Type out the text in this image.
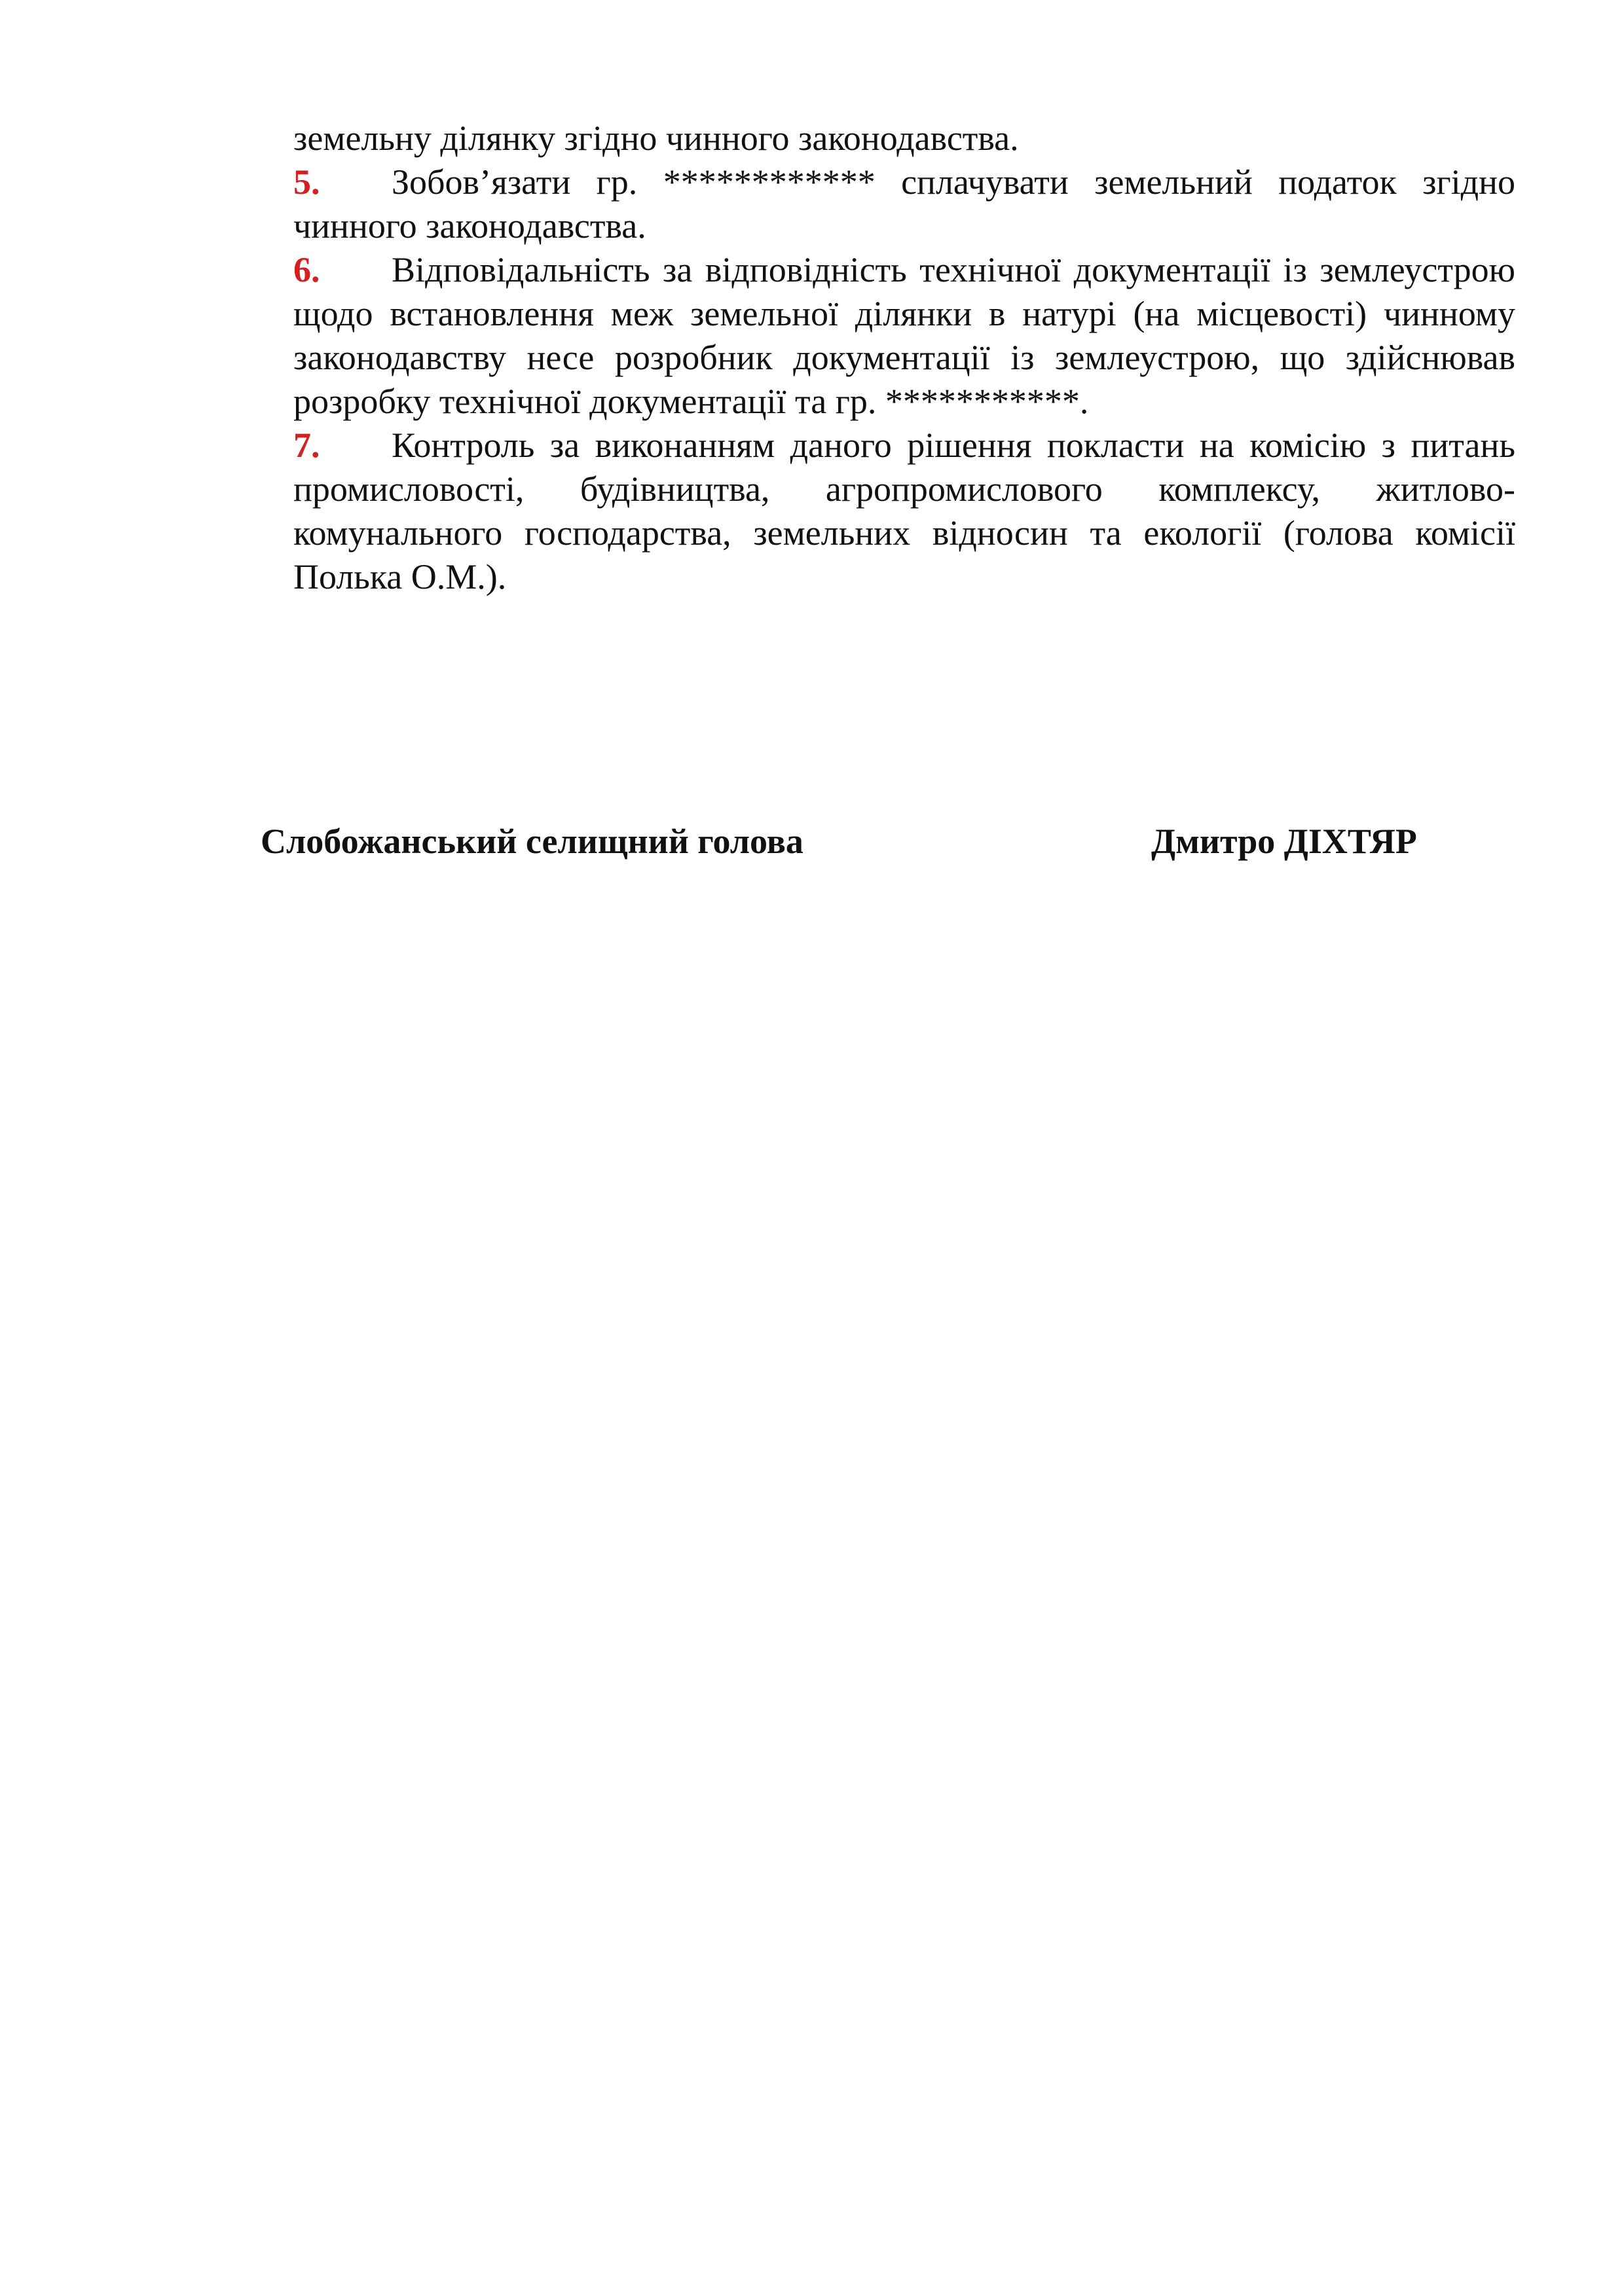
земельну ділянку згідно чинного законодавства.

5. Зобов’язати гр. ************ сплачувати земельний податок згідно чинного законодавства.

6. Відповідальність за відповідність технічної документації із землеустрою щодо встановлення меж земельної ділянки в натурі (на місцевості) чинному законодавству несе розробник документації із землеустрою, що здійснював розробку технічної документації та гр. ***********.

7. Контроль за виконанням даного рішення покласти на комісію з питань промисловості, будівництва, агропромислового комплексу, житлово-комунального господарства, земельних відносин та екології (голова комісії Полька О.М.).

Слобожанський селищний голова	Дмитро ДІХТЯР
